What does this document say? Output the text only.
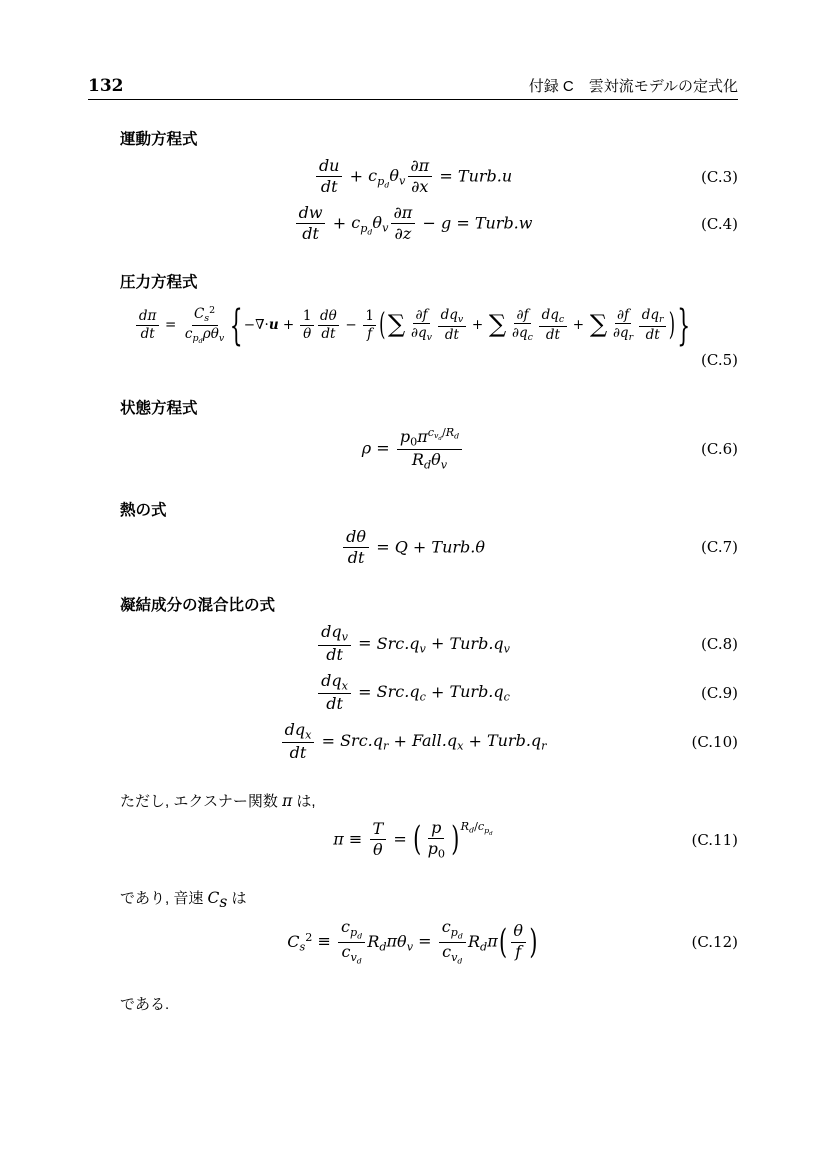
132	付録 C　雲対流モデルの定式化
運動方程式
$\frac{du}{dt} + c_{p_d}\theta_v \frac{\partial\pi}{\partial x}$ = Turb.u	(C.3)
$\frac{dw}{dt} + c_{p_d}\theta_v \frac{\partial\pi}{\partial z} - g$ = Turb.w	(C.4)
圧力方程式
$\frac{d\pi}{dt} = \frac{C_s^2}{c_{p_d}\rho\theta_v} \{-\nabla\cdot u + \frac{1}{\theta} \frac{d\theta}{dt} - \frac{1}{f}$ (∑ $\frac{\partial f}{\partial q_v} \frac{dq_v}{dt}$ + ∑ $\frac{\partial f}{\partial q_c} \frac{dq_c}{dt}$ + ∑ $\frac{\partial f}{\partial q_r} \frac{dq_r}{dt}$ ) }
(C.5)
状態方程式
$\rho = \frac{p_0\pi^{c_{v_d}/R_d}}{R_d\theta_v}$	(C.6)
熱の式
$\frac{d\theta}{dt} = Q$ + Turb.θ	(C.7)
凝結成分の混合比の式
$\frac{dq_v}{dt} = Src.q_v$ + $Turb.q_v$	(C.8)
$\frac{dq_x}{dt} = Src.q_c$ + $Turb.q_c$	(C.9)
$\frac{dq_x}{dt} = Src.q_r$ + $Fall.q_x$ + $Turb.q_r$	(C.10)
ただし, エクスナー関数 π は,
$\pi \equiv \frac{T}{\theta}$ = ( $\frac{p}{p_0} )^{R_d/c_{p_d}}$	(C.11)
であり, 音速 $C_s$ は
$C_s^2 \equiv \frac{c_{p_d}}{c_{v_d}} R_d\pi\theta_v = \frac{c_{p_d}}{c_{v_d}} R_d\pi( \frac{\theta}{f}$ )	(C.12)
である.
